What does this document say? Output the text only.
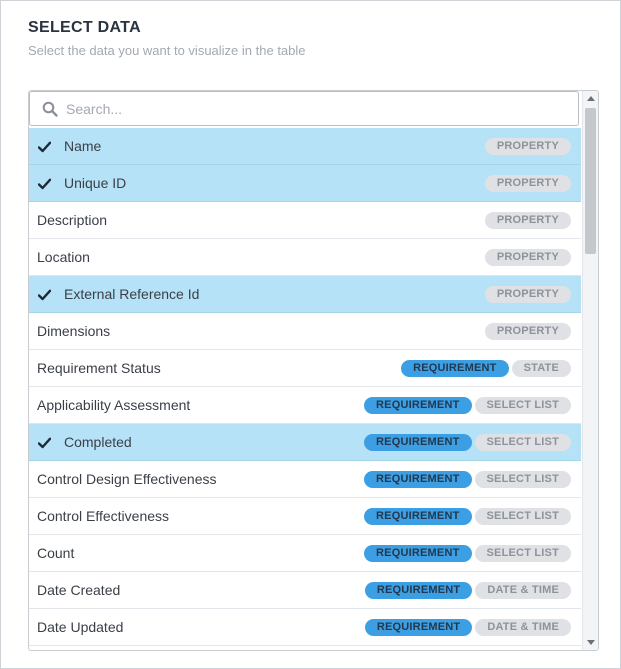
SELECT DATA
Select the data you want to visualize in the table
Search...
Name	PROPERTY
Unique ID	PROPERTY
Description	PROPERTY
Location	PROPERTY
External Reference Id	PROPERTY
Dimensions	PROPERTY
Requirement Status	REQUIREMENT	STATE
Applicability Assessment	REQUIREMENT	SELECT LIST
Completed	REQUIREMENT	SELECT LIST
Control Design Effectiveness	REQUIREMENT	SELECT LIST
Control Effectiveness	REQUIREMENT	SELECT LIST
Count	REQUIREMENT	SELECT LIST
Date Created	REQUIREMENT	DATE & TIME
Date Updated	REQUIREMENT	DATE & TIME
